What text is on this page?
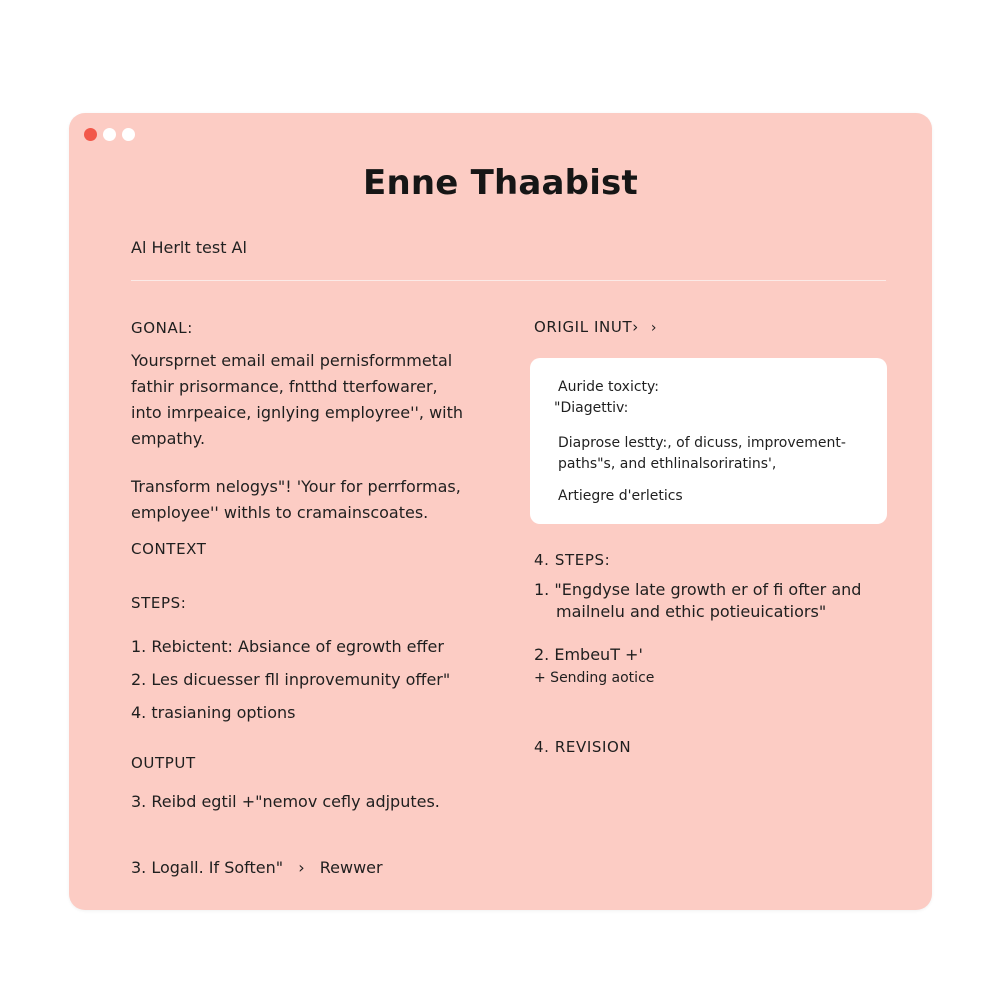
Enne Thaabist
Al Herlt test Al
GONAL:
Yoursprnet email email pernisformmetal fathir prisormance, fntthd tterfowarer, into imrpeaice, ignlying employree'', with empathy.
Transform nelogys"! 'Your for perrformas, employee'' withls to cramainscoates.
CONTEXT
STEPS:
1. Rebictent: Absiance of egrowth effer
2. Les dicuesser fll inprovemunity offer"
4. trasianing options
OUTPUT
3. Reibd egtil +"nemov cefly adjputes.
3. Logall. If Soften" › Rewwer
ORIGIL INUT› ›
Auride toxicty:
"Diagettiv:
Diaprose lestty:, of dicuss, improvement-
paths"s, and ethlinalsoriratins',
Artiegre d'erletics
4. STEPS:
1. "Engdyse late growth er of fi ofter and
mailnelu and ethic potieuicatiors"
2. EmbeuT +'
+ Sending aotice
4. REVISION
